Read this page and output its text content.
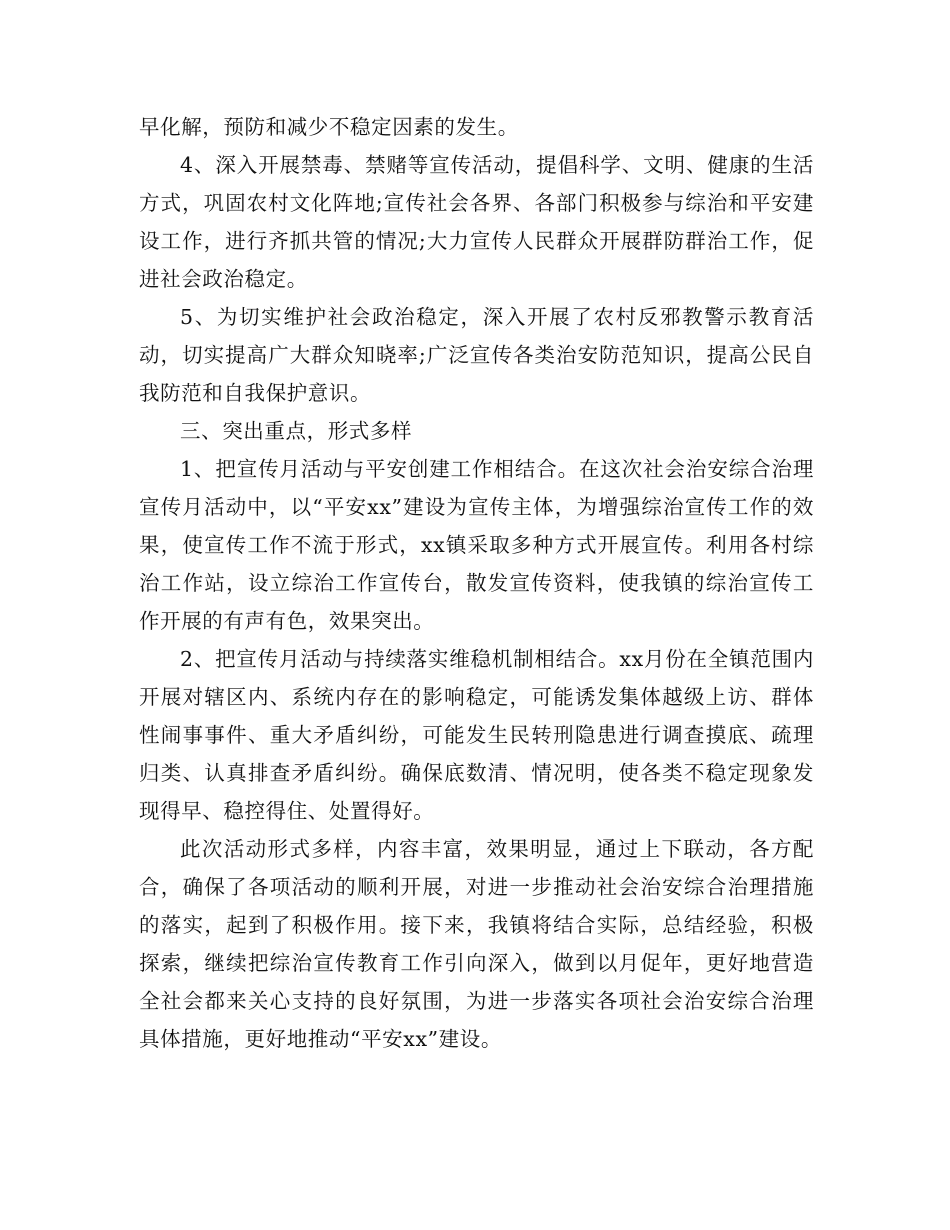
早化解，预防和减少不稳定因素的发生。

4、深入开展禁毒、禁赌等宣传活动，提倡科学、文明、健康的生活方式，巩固农村文化阵地;宣传社会各界、各部门积极参与综治和平安建设工作，进行齐抓共管的情况;大力宣传人民群众开展群防群治工作，促进社会政治稳定。

5、为切实维护社会政治稳定，深入开展了农村反邪教警示教育活动，切实提高广大群众知晓率;广泛宣传各类治安防范知识，提高公民自我防范和自我保护意识。

三、突出重点，形式多样

1、把宣传月活动与平安创建工作相结合。在这次社会治安综合治理宣传月活动中，以“平安xx”建设为宣传主体，为增强综治宣传工作的效果，使宣传工作不流于形式，xx镇采取多种方式开展宣传。利用各村综治工作站，设立综治工作宣传台，散发宣传资料，使我镇的综治宣传工作开展的有声有色，效果突出。

2、把宣传月活动与持续落实维稳机制相结合。xx月份在全镇范围内开展对辖区内、系统内存在的影响稳定，可能诱发集体越级上访、群体性闹事事件、重大矛盾纠纷，可能发生民转刑隐患进行调查摸底、疏理归类、认真排查矛盾纠纷。确保底数清、情况明，使各类不稳定现象发现得早、稳控得住、处置得好。

此次活动形式多样，内容丰富，效果明显，通过上下联动，各方配合，确保了各项活动的顺利开展，对进一步推动社会治安综合治理措施的落实，起到了积极作用。接下来，我镇将结合实际，总结经验，积极探索，继续把综治宣传教育工作引向深入，做到以月促年，更好地营造全社会都来关心支持的良好氛围，为进一步落实各项社会治安综合治理具体措施，更好地推动“平安xx”建设。
